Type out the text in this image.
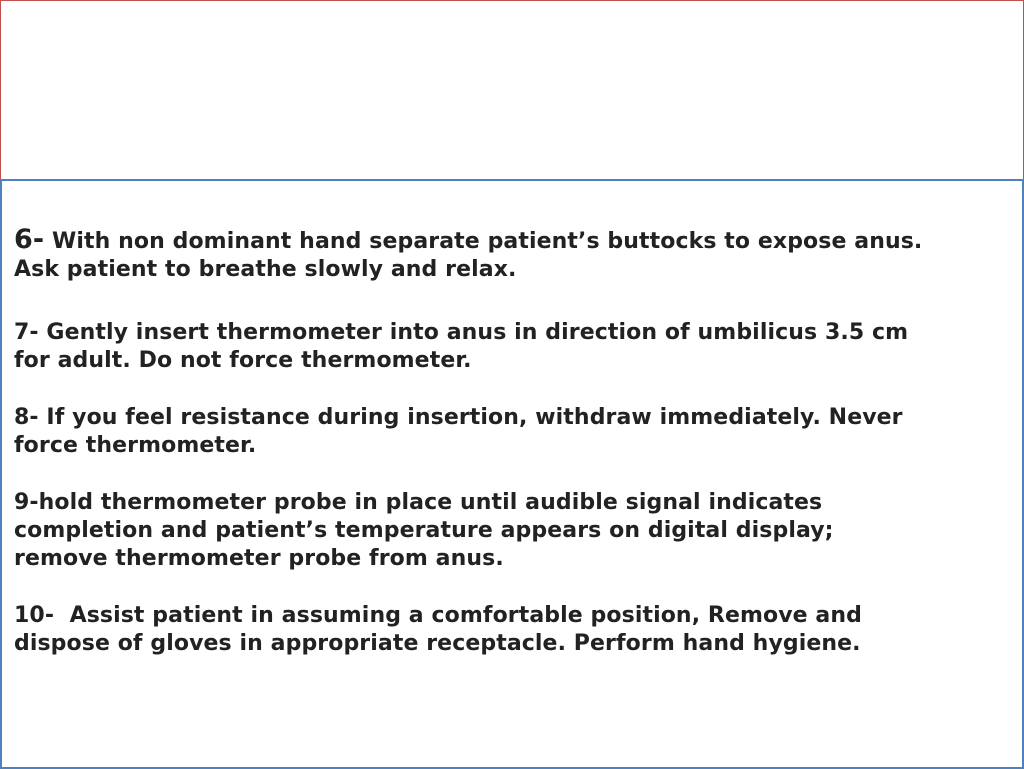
6- With non dominant hand separate patient’s buttocks to expose anus.
Ask patient to breathe slowly and relax.
7- Gently insert thermometer into anus in direction of umbilicus 3.5 cm
for adult. Do not force thermometer.
8- If you feel resistance during insertion, withdraw immediately. Never
force thermometer.
9-hold thermometer probe in place until audible signal indicates
completion and patient’s temperature appears on digital display;
remove thermometer probe from anus.
10- Assist patient in assuming a comfortable position, Remove and
dispose of gloves in appropriate receptacle. Perform hand hygiene.
